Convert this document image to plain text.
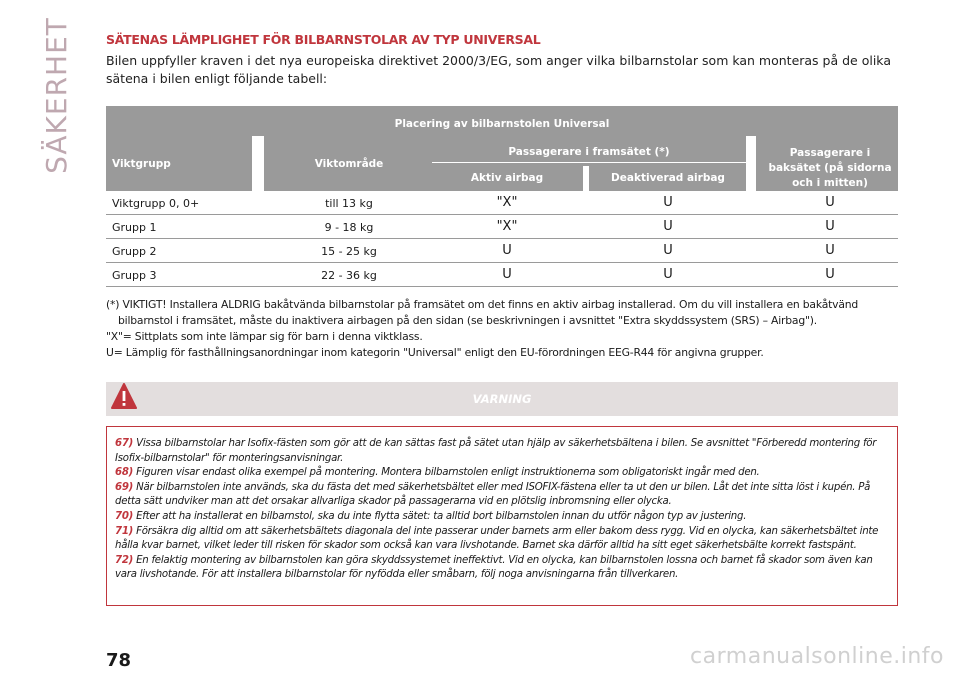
SÄKERHET	SÄTENAS LÄMPLIGHET FÖR BILBARNSTOLAR AV TYP UNIVERSAL
Bilen uppfyller kraven i det nya europeiska direktivet 2000/3/EG, som anger vilka bilbarnstolar som kan monteras på de olika sätena i bilen enligt följande tabell:
Placering av bilbarnstolen Universal
Viktgrupp	Viktområde
Passagerare i framsätet (*)	Passagerare i baksätet (på sidorna och i mitten)
Aktiv airbag	Deaktiverad airbag
Viktgrupp 0, 0+	till 13 kg	"X"	U	U
Grupp 1	9 - 18 kg	"X"	U	U
Grupp 2	15 - 25 kg	U	U	U
Grupp 3	22 - 36 kg	U	U	U

(*) VIKTIGT! Installera ALDRIG bakåtvända bilbarnstolar på framsätet om det finns en aktiv airbag installerad. Om du vill installera en bakåtvänd

bilbarnstol i framsätet, måste du inaktivera airbagen på den sidan (se beskrivningen i avsnittet "Extra skyddssystem (SRS) – Airbag").

"X"= Sittplats som inte lämpar sig för barn i denna viktklass.

U= Lämplig för fasthållningsanordningar inom kategorin "Universal" enligt den EU-förordningen EEG-R44 för angivna grupper.

VARNING
67) Vissa bilbarnstolar har Isofix-fästen som gör att de kan sättas fast på sätet utan hjälp av säkerhetsbältena i bilen. Se avsnittet "Förberedd montering för Isofix-bilbarnstolar" för monteringsanvisningar.
68) Figuren visar endast olika exempel på montering. Montera bilbarnstolen enligt instruktionerna som obligatoriskt ingår med den.
69) När bilbarnstolen inte används, ska du fästa det med säkerhetsbältet eller med ISOFIX-fästena eller ta ut den ur bilen. Låt det inte sitta löst i kupén. På detta sätt undviker man att det orsakar allvarliga skador på passagerarna vid en plötslig inbromsning eller olycka.
70) Efter att ha installerat en bilbarnstol, ska du inte flytta sätet: ta alltid bort bilbarnstolen innan du utför någon typ av justering.
71) Försäkra dig alltid om att säkerhetsbältets diagonala del inte passerar under barnets arm eller bakom dess rygg. Vid en olycka, kan säkerhetsbältet inte hålla kvar barnet, vilket leder till risken för skador som också kan vara livshotande. Barnet ska därför alltid ha sitt eget säkerhetsbälte korrekt fastspänt.
72) En felaktig montering av bilbarnstolen kan göra skyddssystemet ineffektivt. Vid en olycka, kan bilbarnstolen lossna och barnet få skador som även kan vara livshotande. För att installera bilbarnstolar för nyfödda eller småbarn, följ noga anvisningarna från tillverkaren.
78	carmanualsonline.info
